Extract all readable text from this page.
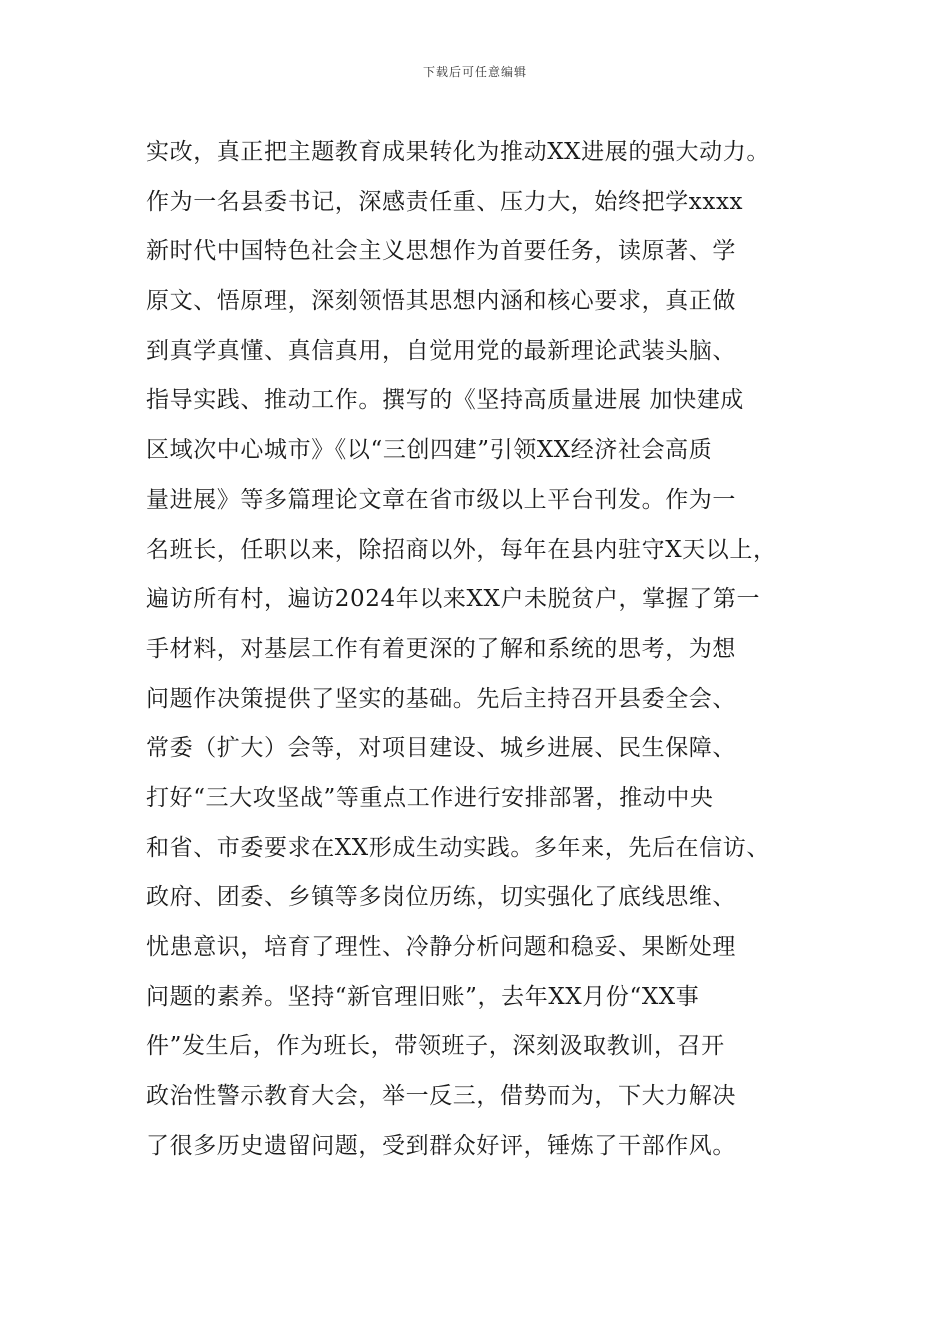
下载后可任意编辑
实改，真正把主题教育成果转化为推动XX进展的强大动力。
作为一名县委书记，深感责任重、压力大，始终把学xxxx
新时代中国特色社会主义思想作为首要任务，读原著、学
原文、悟原理，深刻领悟其思想内涵和核心要求，真正做
到真学真懂、真信真用，自觉用党的最新理论武装头脑、
指导实践、推动工作。撰写的《坚持高质量进展 加快建成
区域次中心城市》《以“三创四建”引领XX经济社会高质
量进展》等多篇理论文章在省市级以上平台刊发。作为一
名班长，任职以来，除招商以外，每年在县内驻守X天以上，
遍访所有村，遍访2024年以来XX户未脱贫户，掌握了第一
手材料，对基层工作有着更深的了解和系统的思考，为想
问题作决策提供了坚实的基础。先后主持召开县委全会、
常委（扩大）会等，对项目建设、城乡进展、民生保障、
打好“三大攻坚战”等重点工作进行安排部署，推动中央
和省、市委要求在XX形成生动实践。多年来，先后在信访、
政府、团委、乡镇等多岗位历练，切实强化了底线思维、
忧患意识，培育了理性、冷静分析问题和稳妥、果断处理
问题的素养。坚持“新官理旧账”，去年XX月份“XX事
件”发生后，作为班长，带领班子，深刻汲取教训，召开
政治性警示教育大会，举一反三，借势而为，下大力解决
了很多历史遗留问题，受到群众好评，锤炼了干部作风。
